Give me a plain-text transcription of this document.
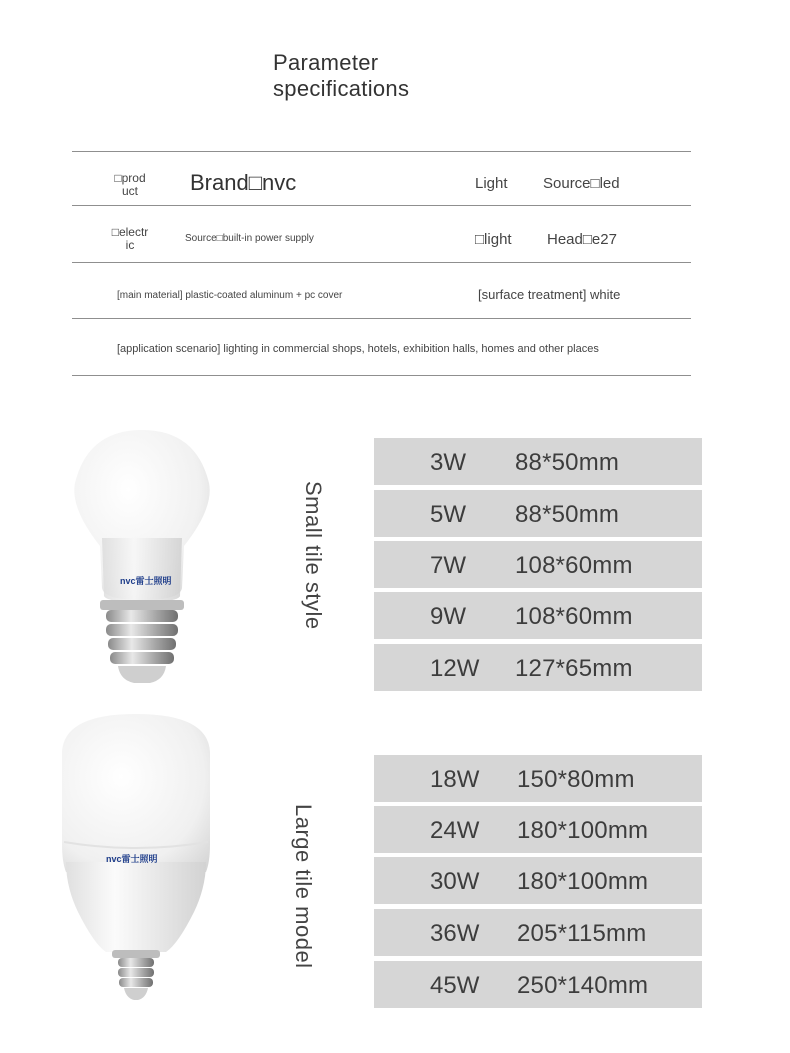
Parameter
specifications
□prod
uct	Brand□nvc	Light Source□led
□electr
ic	Source□built-in power supply	□light Head□e27
[main material] plastic-coated aluminum + pc cover	[surface treatment] white
[application scenario] lighting in commercial shops, hotels, exhibition halls, homes and other places
nvc雷士照明	Small tile style
3W 88*50mm
5W 88*50mm
7W 108*60mm
9W 108*60mm
12W 127*65mm
nvc雷士照明	Large tile model
18W 150*80mm
24W 180*100mm
30W 180*100mm
36W 205*115mm
45W 250*140mm
